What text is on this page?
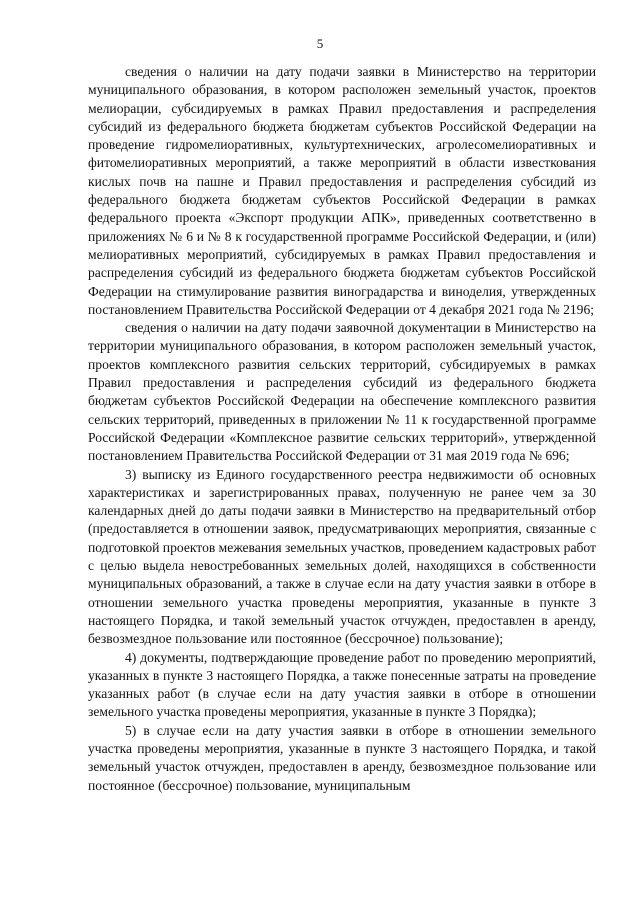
5

сведения о наличии на дату подачи заявки в Министерство на территории муниципального образования, в котором расположен земельный участок, проектов мелиорации, субсидируемых в рамках Правил предоставления и распределения субсидий из федерального бюджета бюджетам субъектов Российской Федерации на проведение гидромелиоративных, культуртехнических, агролесомелиоративных и фитомелиоративных мероприятий, а также мероприятий в области известкования кислых почв на пашне и Правил предоставления и распределения субсидий из федерального бюджета бюджетам субъектов Российской Федерации в рамках федерального проекта «Экспорт продукции АПК», приведенных соответственно в приложениях № 6 и № 8 к государственной программе Российской Федерации, и (или) мелиоративных мероприятий, субсидируемых в рамках Правил предоставления и распределения субсидий из федерального бюджета бюджетам субъектов Российской Федерации на стимулирование развития виноградарства и виноделия, утвержденных постановлением Правительства Российской Федерации от 4 декабря 2021 года № 2196;

сведения о наличии на дату подачи заявочной документации в Министерство на территории муниципального образования, в котором расположен земельный участок, проектов комплексного развития сельских территорий, субсидируемых в рамках Правил предоставления и распределения субсидий из федерального бюджета бюджетам субъектов Российской Федерации на обеспечение комплексного развития сельских территорий, приведенных в приложении № 11 к государственной программе Российской Федерации «Комплексное развитие сельских территорий», утвержденной постановлением Правительства Российской Федерации от 31 мая 2019 года № 696;

3) выписку из Единого государственного реестра недвижимости об основных характеристиках и зарегистрированных правах, полученную не ранее чем за 30 календарных дней до даты подачи заявки в Министерство на предварительный отбор (предоставляется в отношении заявок, предусматривающих мероприятия, связанные с подготовкой проектов межевания земельных участков, проведением кадастровых работ с целью выдела невостребованных земельных долей, находящихся в собственности муниципальных образований, а также в случае если на дату участия заявки в отборе в отношении земельного участка проведены мероприятия, указанные в пункте 3 настоящего Порядка, и такой земельный участок отчужден, предоставлен в аренду, безвозмездное пользование или постоянное (бессрочное) пользование);

4) документы, подтверждающие проведение работ по проведению мероприятий, указанных в пункте 3 настоящего Порядка, а также понесенные затраты на проведение указанных работ (в случае если на дату участия заявки в отборе в отношении земельного участка проведены мероприятия, указанные в пункте 3 Порядка);

5) в случае если на дату участия заявки в отборе в отношении земельного участка проведены мероприятия, указанные в пункте 3 настоящего Порядка, и такой земельный участок отчужден, предоставлен в аренду, безвозмездное пользование или постоянное (бессрочное) пользование, муниципальным
